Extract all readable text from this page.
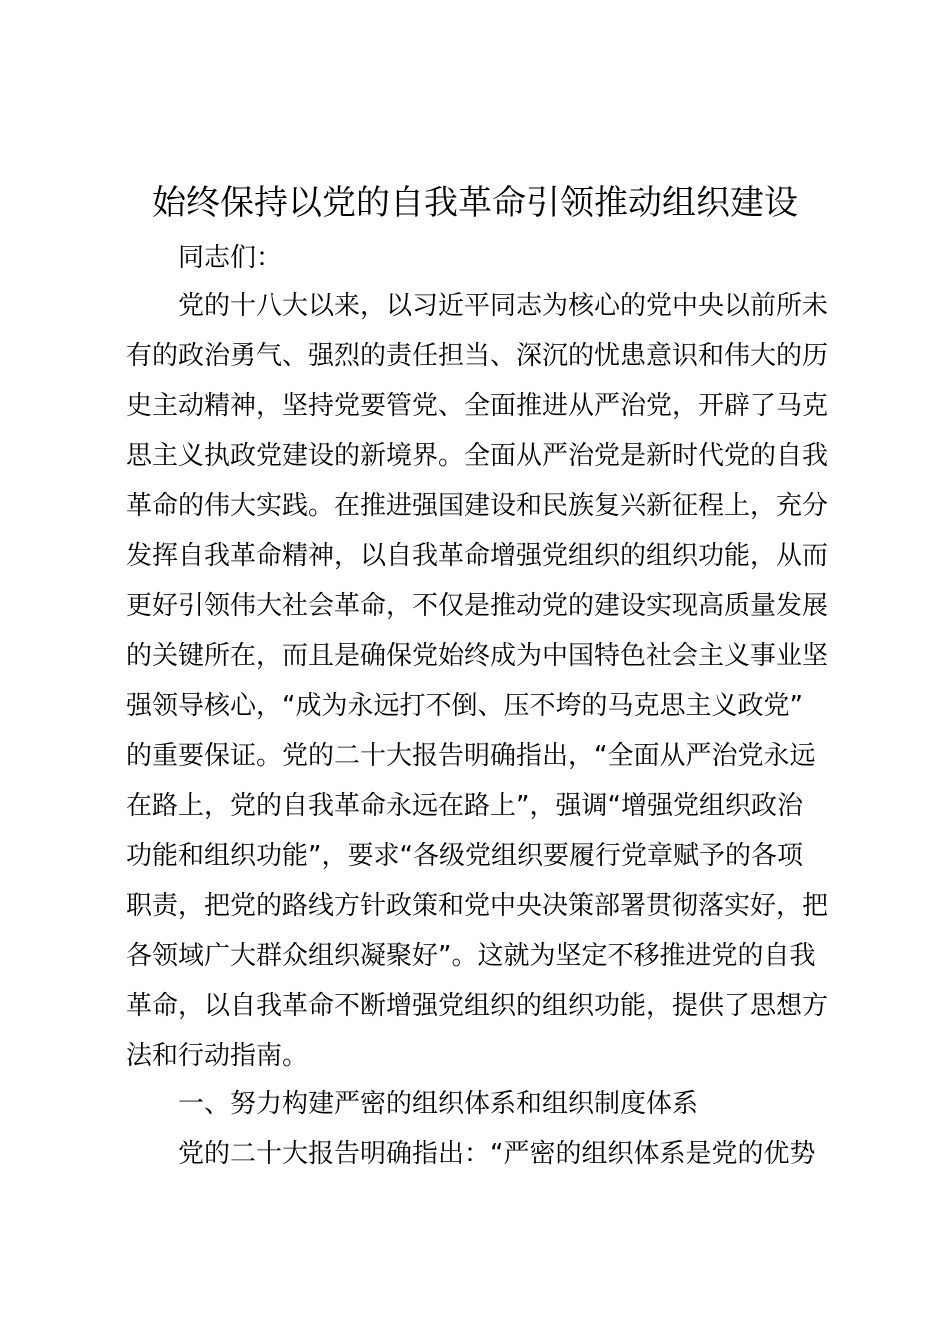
始终保持以党的自我革命引领推动组织建设
同志们：
党的十八大以来，以习近平同志为核心的党中央以前所未
有的政治勇气、强烈的责任担当、深沉的忧患意识和伟大的历
史主动精神，坚持党要管党、全面推进从严治党，开辟了马克
思主义执政党建设的新境界。全面从严治党是新时代党的自我
革命的伟大实践。在推进强国建设和民族复兴新征程上，充分
发挥自我革命精神，以自我革命增强党组织的组织功能，从而
更好引领伟大社会革命，不仅是推动党的建设实现高质量发展
的关键所在，而且是确保党始终成为中国特色社会主义事业坚
强领导核心，“成为永远打不倒、压不垮的马克思主义政党”
的重要保证。党的二十大报告明确指出，“全面从严治党永远
在路上，党的自我革命永远在路上”，强调“增强党组织政治
功能和组织功能”，要求“各级党组织要履行党章赋予的各项
职责，把党的路线方针政策和党中央决策部署贯彻落实好，把
各领域广大群众组织凝聚好”。这就为坚定不移推进党的自我
革命，以自我革命不断增强党组织的组织功能，提供了思想方
法和行动指南。
一、努力构建严密的组织体系和组织制度体系
党的二十大报告明确指出：“严密的组织体系是党的优势
